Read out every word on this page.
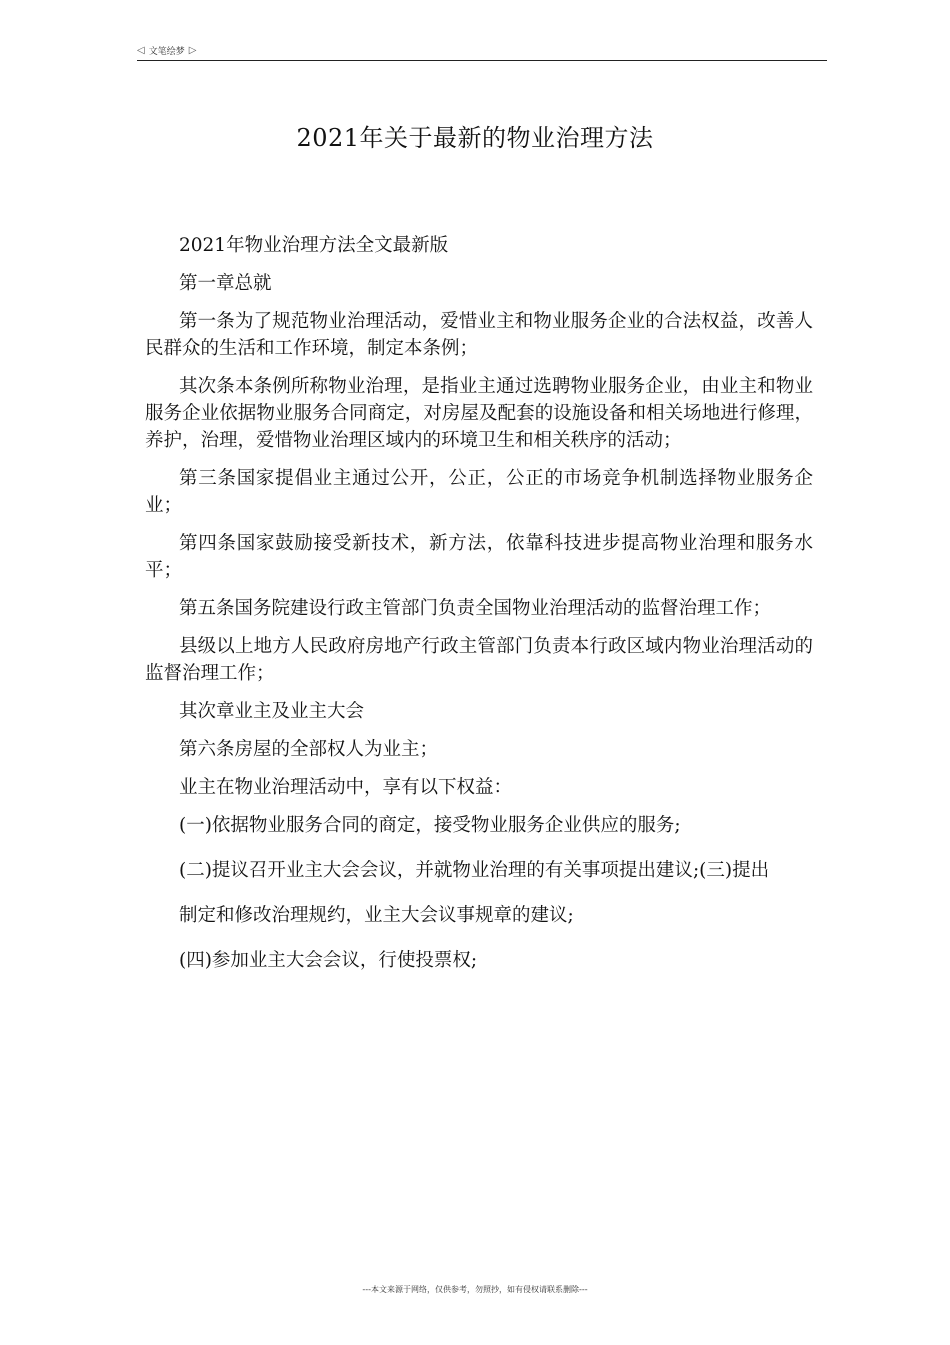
◁ 文笔绘梦 ▷
2021年关于最新的物业治理方法

2021年物业治理方法全文最新版

第一章总就

第一条为了规范物业治理活动，爱惜业主和物业服务企业的合法权益，改善人民群众的生活和工作环境，制定本条例；

其次条本条例所称物业治理，是指业主通过选聘物业服务企业，由业主和物业服务企业依据物业服务合同商定，对房屋及配套的设施设备和相关场地进行修理，养护，治理，爱惜物业治理区域内的环境卫生和相关秩序的活动；

第三条国家提倡业主通过公开，公正，公正的市场竞争机制选择物业服务企业；

第四条国家鼓励接受新技术，新方法，依靠科技进步提高物业治理和服务水平；

第五条国务院建设行政主管部门负责全国物业治理活动的监督治理工作；

县级以上地方人民政府房地产行政主管部门负责本行政区域内物业治理活动的监督治理工作；

其次章业主及业主大会

第六条房屋的全部权人为业主；

业主在物业治理活动中，享有以下权益：

(一)依据物业服务合同的商定，接受物业服务企业供应的服务;

(二)提议召开业主大会会议，并就物业治理的有关事项提出建议;(三)提出

制定和修改治理规约，业主大会议事规章的建议;

(四)参加业主大会会议，行使投票权;

---本文来源于网络，仅供参考，勿照抄，如有侵权请联系删除---
